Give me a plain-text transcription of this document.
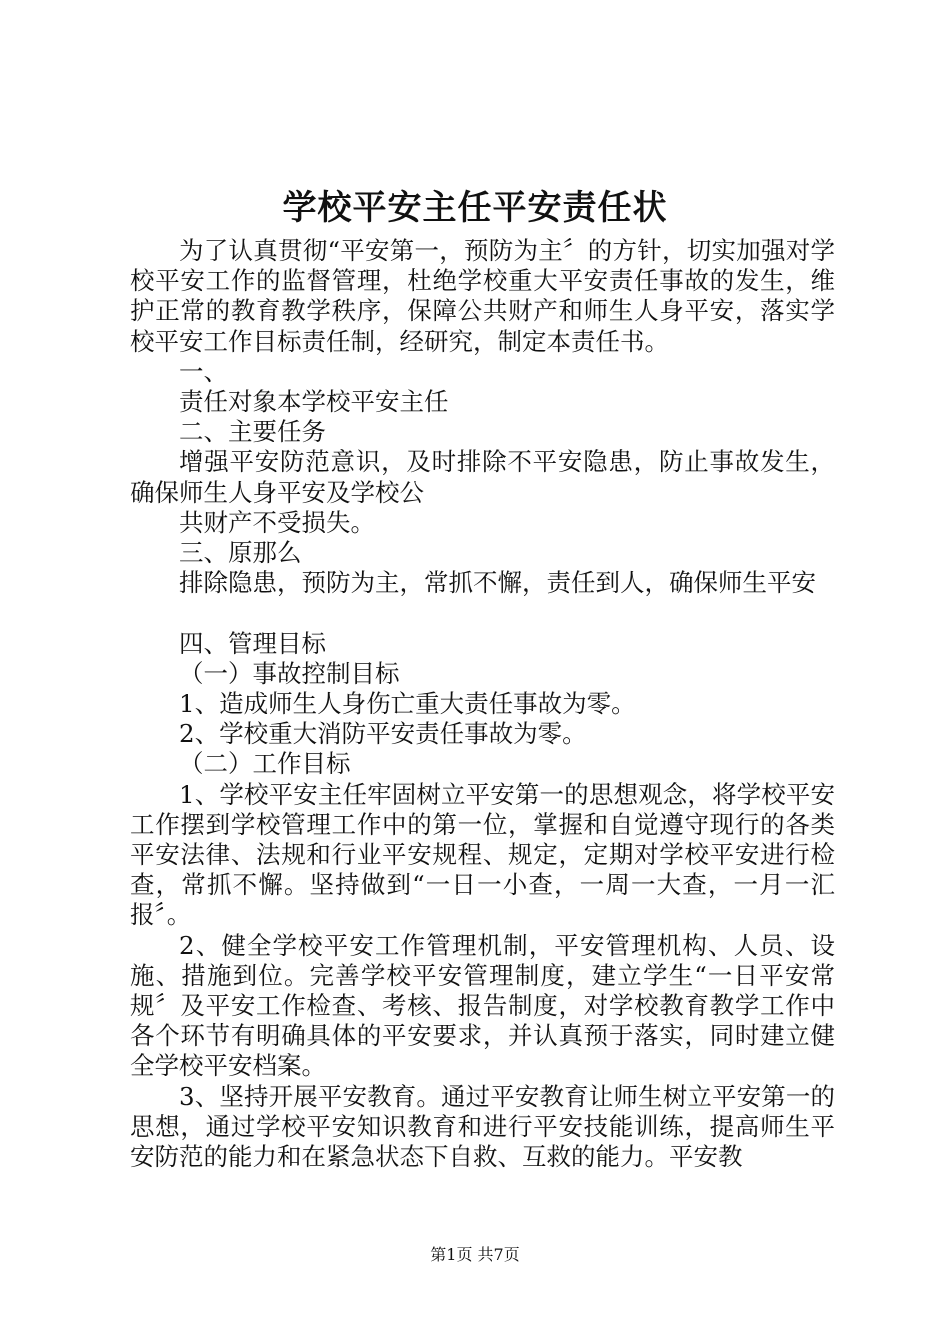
学校平安主任平安责任状

为了认真贯彻“平安第一，预防为主〞的方针，切实加强对学校平安工作的监督管理，杜绝学校重大平安责任事故的发生，维护正常的教育教学秩序，保障公共财产和师生人身平安，落实学校平安工作目标责任制，经研究，制定本责任书。

一、

责任对象本学校平安主任

二、主要任务

增强平安防范意识，及时排除不平安隐患，防止事故发生，确保师生人身平安及学校公

共财产不受损失。

三、原那么

排除隐患，预防为主，常抓不懈，责任到人，确保师生平安

四、管理目标

（一）事故控制目标

1、造成师生人身伤亡重大责任事故为零。

2、学校重大消防平安责任事故为零。

（二）工作目标

1、学校平安主任牢固树立平安第一的思想观念，将学校平安工作摆到学校管理工作中的第一位，掌握和自觉遵守现行的各类平安法律、法规和行业平安规程、规定，定期对学校平安进行检查，常抓不懈。坚持做到“一日一小查，一周一大查，一月一汇报〞。

2、健全学校平安工作管理机制，平安管理机构、人员、设施、措施到位。完善学校平安管理制度，建立学生“一日平安常规〞及平安工作检查、考核、报告制度，对学校教育教学工作中各个环节有明确具体的平安要求，并认真预于落实，同时建立健全学校平安档案。

3、坚持开展平安教育。通过平安教育让师生树立平安第一的思想，通过学校平安知识教育和进行平安技能训练，提高师生平安防范的能力和在紧急状态下自救、互救的能力。平安教

第1页 共7页
